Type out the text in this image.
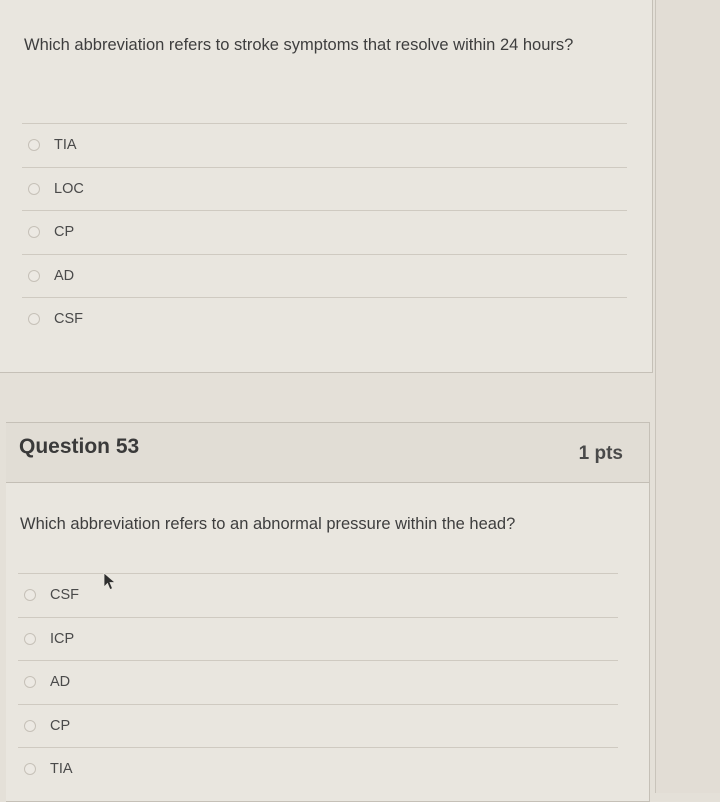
Which abbreviation refers to stroke symptoms that resolve within 24 hours?
TIA
LOC
CP
AD
CSF
Question 53	1 pts
Which abbreviation refers to an abnormal pressure within the head?
CSF
ICP
AD
CP
TIA
